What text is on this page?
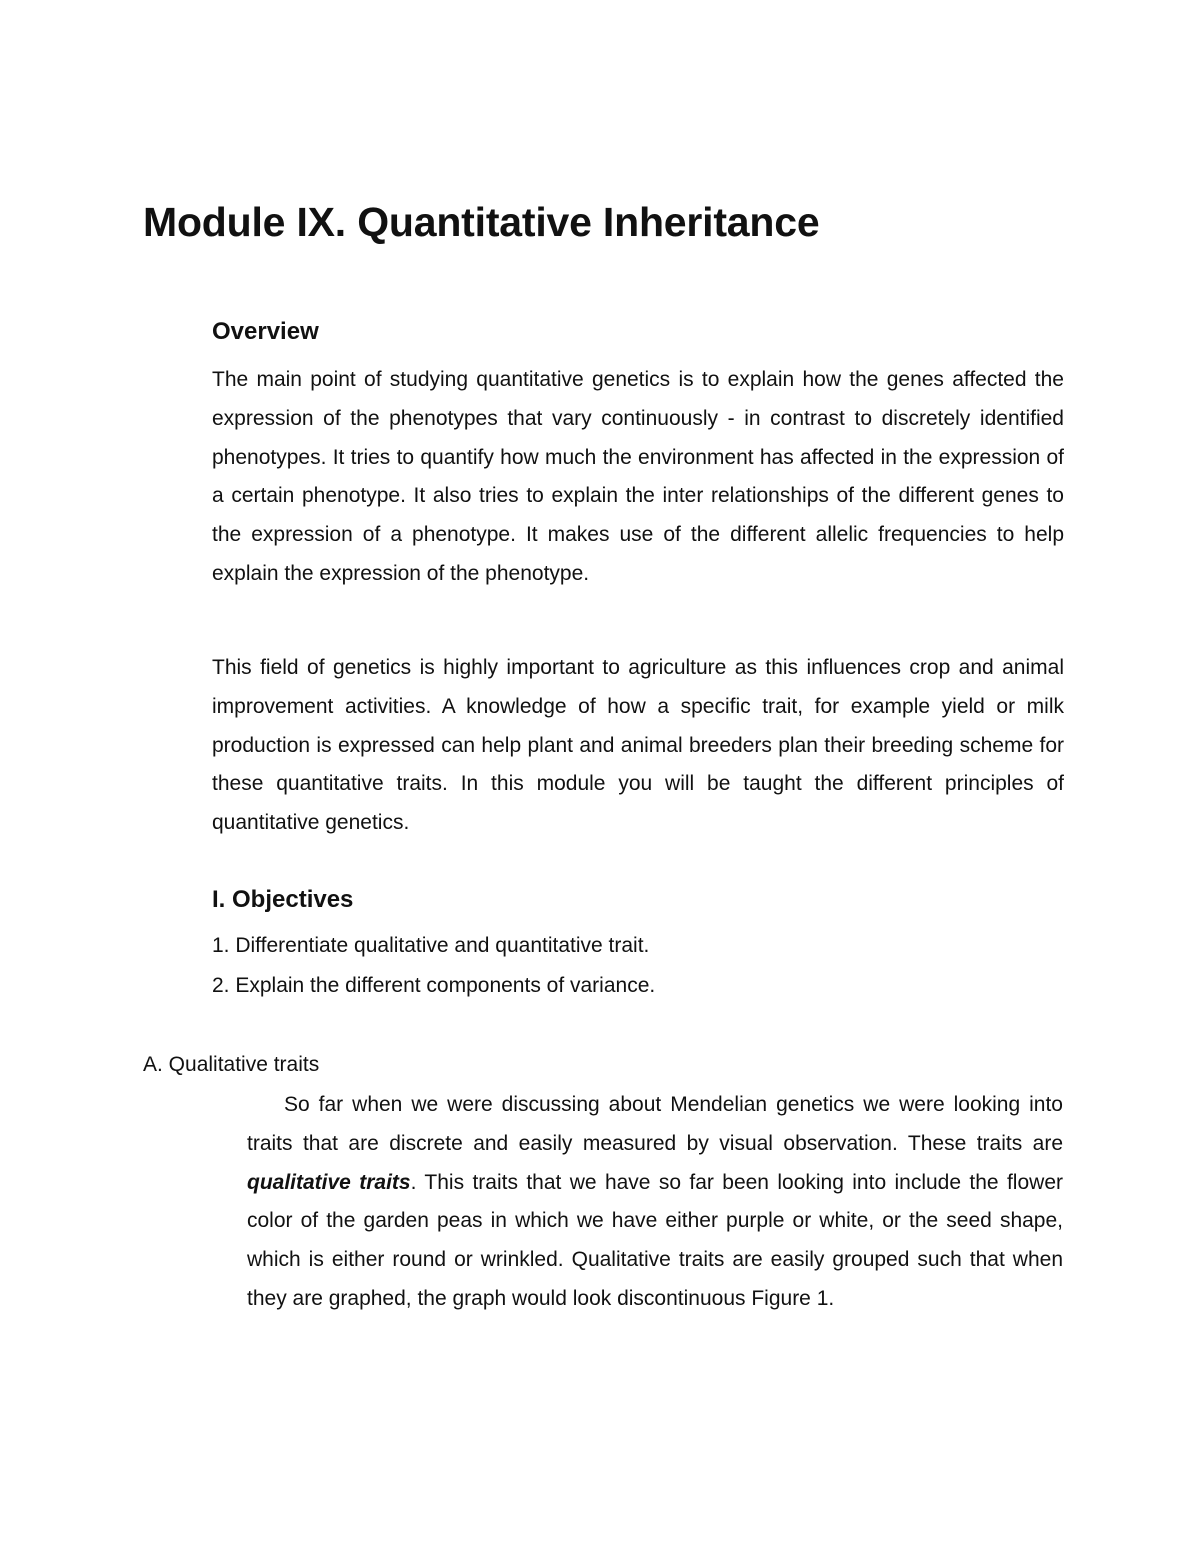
Module IX. Quantitative Inheritance
Overview

The main point of studying quantitative genetics is to explain how the genes affected the expression of the phenotypes that vary continuously - in contrast to discretely identified phenotypes. It tries to quantify how much the environment has affected in the expression of a certain phenotype. It also tries to explain the inter relationships of the different genes to the expression of a phenotype. It makes use of the different allelic frequencies to help explain the expression of the phenotype.

This field of genetics is highly important to agriculture as this influences crop and animal improvement activities. A knowledge of how a specific trait, for example yield or milk production is expressed can help plant and animal breeders plan their breeding scheme for these quantitative traits. In this module you will be taught the different principles of quantitative genetics.

I. Objectives
1. Differentiate qualitative and quantitative trait.
2. Explain the different components of variance.

A. Qualitative traits

So far when we were discussing about Mendelian genetics we were looking into traits that are discrete and easily measured by visual observation. These traits are qualitative traits. This traits that we have so far been looking into include the flower color of the garden peas in which we have either purple or white, or the seed shape, which is either round or wrinkled. Qualitative traits are easily grouped such that when they are graphed, the graph would look discontinuous Figure 1.
